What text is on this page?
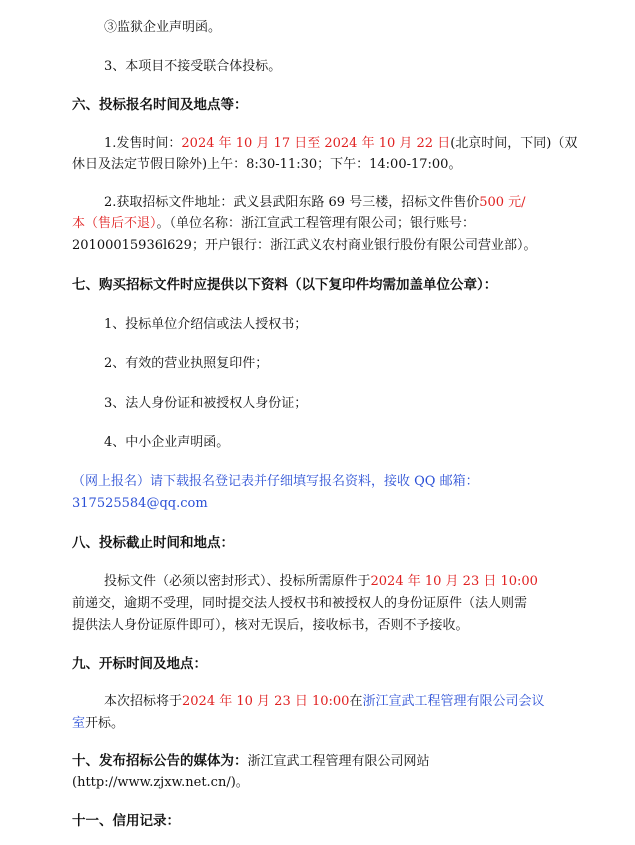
③监狱企业声明函。
3、本项目不接受联合体投标。
六、投标报名时间及地点等：
1.发售时间：2024 年 10 月 17 日至 2024 年 10 月 22 日(北京时间，下同)（双
休日及法定节假日除外)上午：8:30-11:30；下午：14:00-17:00。
2.获取招标文件地址：武义县武阳东路 69 号三楼，招标文件售价500 元/
本（售后不退）。（单位名称：浙江宣武工程管理有限公司；银行账号：
20100015936l629；开户银行：浙江武义农村商业银行股份有限公司营业部）。
七、购买招标文件时应提供以下资料（以下复印件均需加盖单位公章）：
1、投标单位介绍信或法人授权书；
2、有效的营业执照复印件；
3、法人身份证和被授权人身份证；
4、中小企业声明函。
（网上报名）请下载报名登记表并仔细填写报名资料，接收 QQ 邮箱：
317525584@qq.com
八、投标截止时间和地点：
投标文件（必须以密封形式）、投标所需原件于2024 年 10 月 23 日 10:00
前递交，逾期不受理，同时提交法人授权书和被授权人的身份证原件（法人则需
提供法人身份证原件即可），核对无误后，接收标书，否则不予接收。
九、开标时间及地点：
本次招标将于2024 年 10 月 23 日 10:00在浙江宣武工程管理有限公司会议
室开标。
十、发布招标公告的媒体为：浙江宣武工程管理有限公司网站
(http://www.zjxw.net.cn/)。
十一、信用记录：
